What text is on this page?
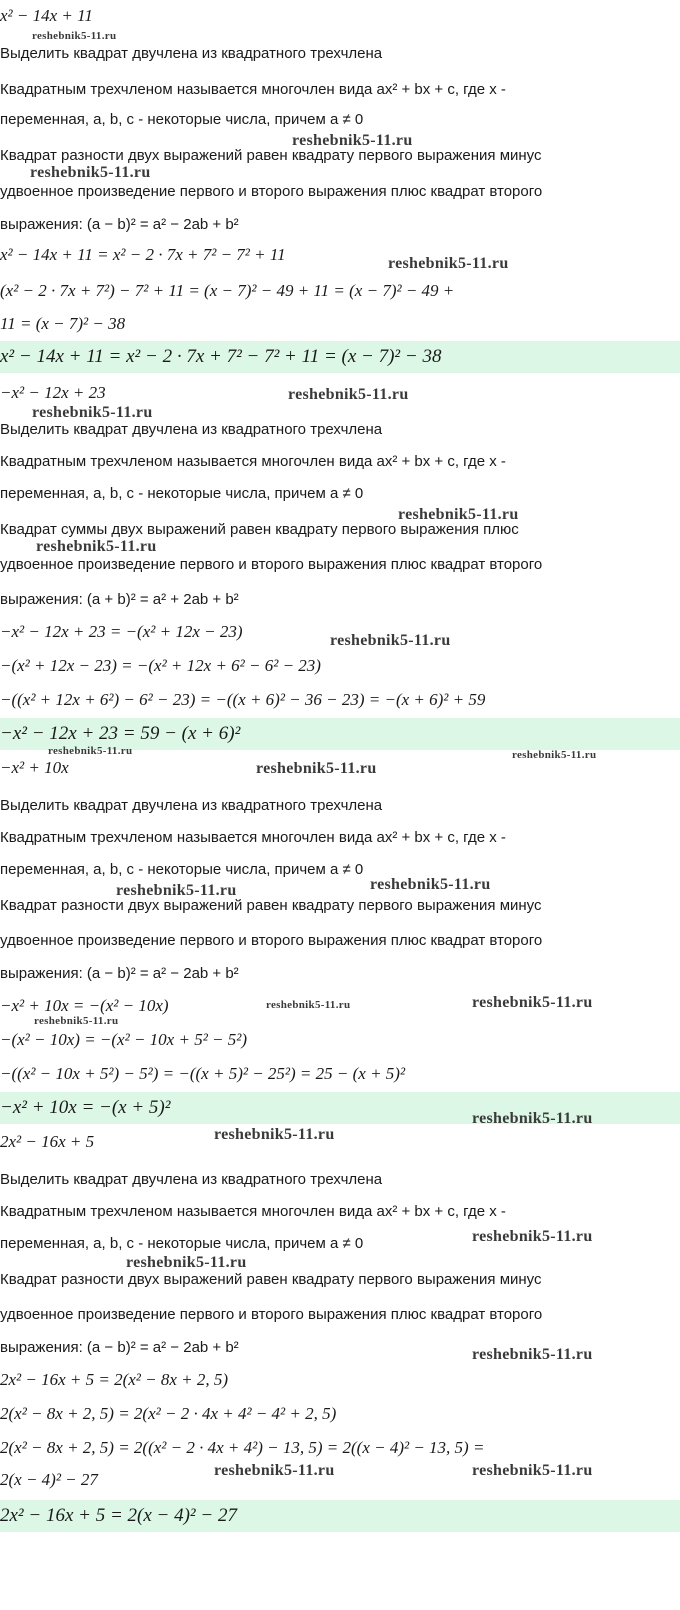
x² − 14x + 11
Выделить квадрат двучлена из квадратного трехчлена
Квадратным трехчленом называется многочлен вида ax² + bx + c, где x -
переменная, a, b, c - некоторые числа, причем a ≠ 0
Квадрат разности двух выражений равен квадрату первого выражения минус
удвоенное произведение первого и второго выражения плюс квадрат второго
выражения: (a − b)² = a² − 2ab + b²
x² − 14x + 11 = x² − 2 · 7x + 7² − 7² + 11
(x² − 2 · 7x + 7²) − 7² + 11 = (x − 7)² − 49 + 11 = (x − 7)² − 49 +
11 = (x − 7)² − 38
x² − 14x + 11 = x² − 2 · 7x + 7² − 7² + 11 = (x − 7)² − 38
−x² − 12x + 23
Выделить квадрат двучлена из квадратного трехчлена
Квадратным трехчленом называется многочлен вида ax² + bx + c, где x -
переменная, a, b, c - некоторые числа, причем a ≠ 0
Квадрат суммы двух выражений равен квадрату первого выражения плюс
удвоенное произведение первого и второго выражения плюс квадрат второго
выражения: (a + b)² = a² + 2ab + b²
−x² − 12x + 23 = −(x² + 12x − 23)
−(x² + 12x − 23) = −(x² + 12x + 6² − 6² − 23)
−((x² + 12x + 6²) − 6² − 23) = −((x + 6)² − 36 − 23) = −(x + 6)² + 59
−x² − 12x + 23 = 59 − (x + 6)²
−x² + 10x
Выделить квадрат двучлена из квадратного трехчлена
Квадратным трехчленом называется многочлен вида ax² + bx + c, где x -
переменная, a, b, c - некоторые числа, причем a ≠ 0
Квадрат разности двух выражений равен квадрату первого выражения минус
удвоенное произведение первого и второго выражения плюс квадрат второго
выражения: (a − b)² = a² − 2ab + b²
−x² + 10x = −(x² − 10x)
−(x² − 10x) = −(x² − 10x + 5² − 5²)
−((x² − 10x + 5²) − 5²) = −((x + 5)² − 25²) = 25 − (x + 5)²
−x² + 10x = −(x + 5)²
2x² − 16x + 5
Выделить квадрат двучлена из квадратного трехчлена
Квадратным трехчленом называется многочлен вида ax² + bx + c, где x -
переменная, a, b, c - некоторые числа, причем a ≠ 0
Квадрат разности двух выражений равен квадрату первого выражения минус
удвоенное произведение первого и второго выражения плюс квадрат второго
выражения: (a − b)² = a² − 2ab + b²
2x² − 16x + 5 = 2(x² − 8x + 2, 5)
2(x² − 8x + 2, 5) = 2(x² − 2 · 4x + 4² − 4² + 2, 5)
2(x² − 8x + 2, 5) = 2((x² − 2 · 4x + 4²) − 13, 5) = 2((x − 4)² − 13, 5) =
2(x − 4)² − 27
2x² − 16x + 5 = 2(x − 4)² − 27
reshebnik5-11.ru
reshebnik5-11.ru
reshebnik5-11.ru
reshebnik5-11.ru
reshebnik5-11.ru
reshebnik5-11.ru
reshebnik5-11.ru
reshebnik5-11.ru
reshebnik5-11.ru
reshebnik5-11.ru	reshebnik5-11.ru
reshebnik5-11.ru
reshebnik5-11.ru	reshebnik5-11.ru
reshebnik5-11.ru	reshebnik5-11.ru
reshebnik5-11.ru
reshebnik5-11.ru
reshebnik5-11.ru
reshebnik5-11.ru
reshebnik5-11.ru
reshebnik5-11.ru
reshebnik5-11.ru	reshebnik5-11.ru
